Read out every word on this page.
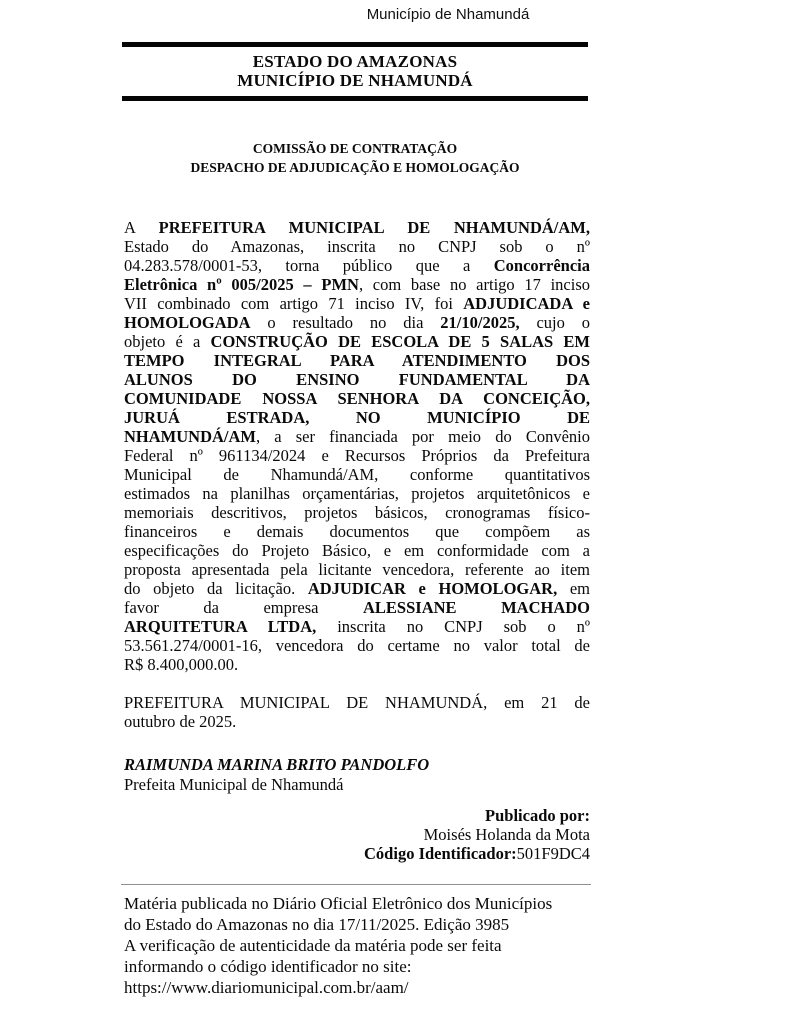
Município de Nhamundá
ESTADO DO AMAZONAS
MUNICÍPIO DE NHAMUNDÁ
COMISSÃO DE CONTRATAÇÃO
DESPACHO DE ADJUDICAÇÃO E HOMOLOGAÇÃO
A PREFEITURA MUNICIPAL DE NHAMUNDÁ/AM,
Estado do Amazonas, inscrita no CNPJ sob o nº
04.283.578/0001-53, torna público que a Concorrência
Eletrônica nº 005/2025 – PMN, com base no artigo 17 inciso
VII combinado com artigo 71 inciso IV, foi ADJUDICADA e
HOMOLOGADA o resultado no dia 21/10/2025, cujo o
objeto é a CONSTRUÇÃO DE ESCOLA DE 5 SALAS EM
TEMPO INTEGRAL PARA ATENDIMENTO DOS
ALUNOS DO ENSINO FUNDAMENTAL DA
COMUNIDADE NOSSA SENHORA DA CONCEIÇÃO,
JURUÁ ESTRADA, NO MUNICÍPIO DE
NHAMUNDÁ/AM, a ser financiada por meio do Convênio
Federal nº 961134/2024 e Recursos Próprios da Prefeitura
Municipal de Nhamundá/AM, conforme quantitativos
estimados na planilhas orçamentárias, projetos arquitetônicos e
memoriais descritivos, projetos básicos, cronogramas físico-
financeiros e demais documentos que compõem as
especificações do Projeto Básico, e em conformidade com a
proposta apresentada pela licitante vencedora, referente ao item
do objeto da licitação. ADJUDICAR e HOMOLOGAR, em
favor da empresa ALESSIANE MACHADO
ARQUITETURA LTDA, inscrita no CNPJ sob o nº
53.561.274/0001-16, vencedora do certame no valor total de
R$ 8.400,000.00.
PREFEITURA MUNICIPAL DE NHAMUNDÁ, em 21 de
outubro de 2025.
RAIMUNDA MARINA BRITO PANDOLFO
Prefeita Municipal de Nhamundá
Publicado por:
Moisés Holanda da Mota
Código Identificador:501F9DC4
Matéria publicada no Diário Oficial Eletrônico dos Municípios
do Estado do Amazonas no dia 17/11/2025. Edição 3985
A verificação de autenticidade da matéria pode ser feita
informando o código identificador no site:
https://www.diariomunicipal.com.br/aam/
